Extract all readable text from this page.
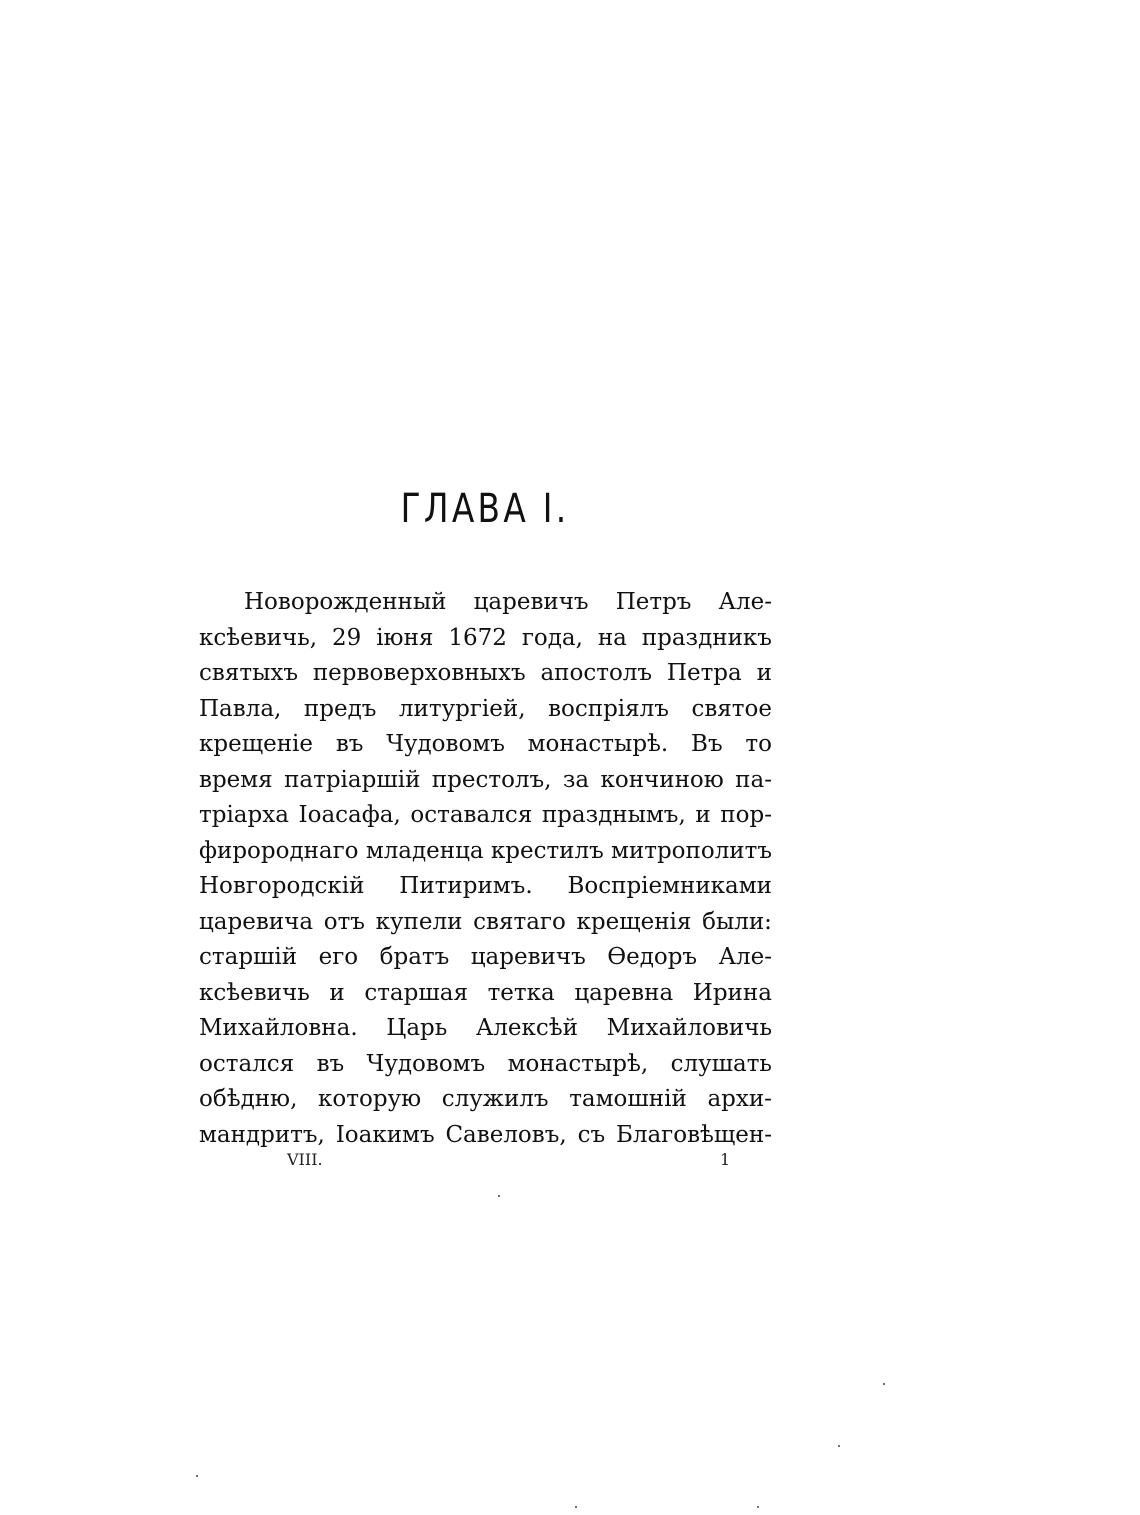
ГЛАВА I.
Новорожденный царевичъ Петръ Але-
ксѣевичь, 29 іюня 1672 года, на праздникъ
святыхъ первоверховныхъ апостолъ Петра и
Павла, предъ литургіей, воспріялъ святое
крещеніе въ Чудовомъ монастырѣ. Въ то
время патріаршій престолъ, за кончиною па-
тріарха Іоасафа, оставался празднымъ, и пор-
фиророднаго младенца крестилъ митрополитъ
Новгородскій Питиримъ. Воспріемниками
царевича отъ купели святаго крещенія были:
старшій его братъ царевичъ Ѳедоръ Але-
ксѣевичь и старшая тетка царевна Ирина
Михайловна. Царь Алексѣй Михайловичь
остался въ Чудовомъ монастырѣ, слушать
обѣдню, которую служилъ тамошній архи-
мандритъ, Іоакимъ Савеловъ, съ Благовѣщен-
VIII.	1
